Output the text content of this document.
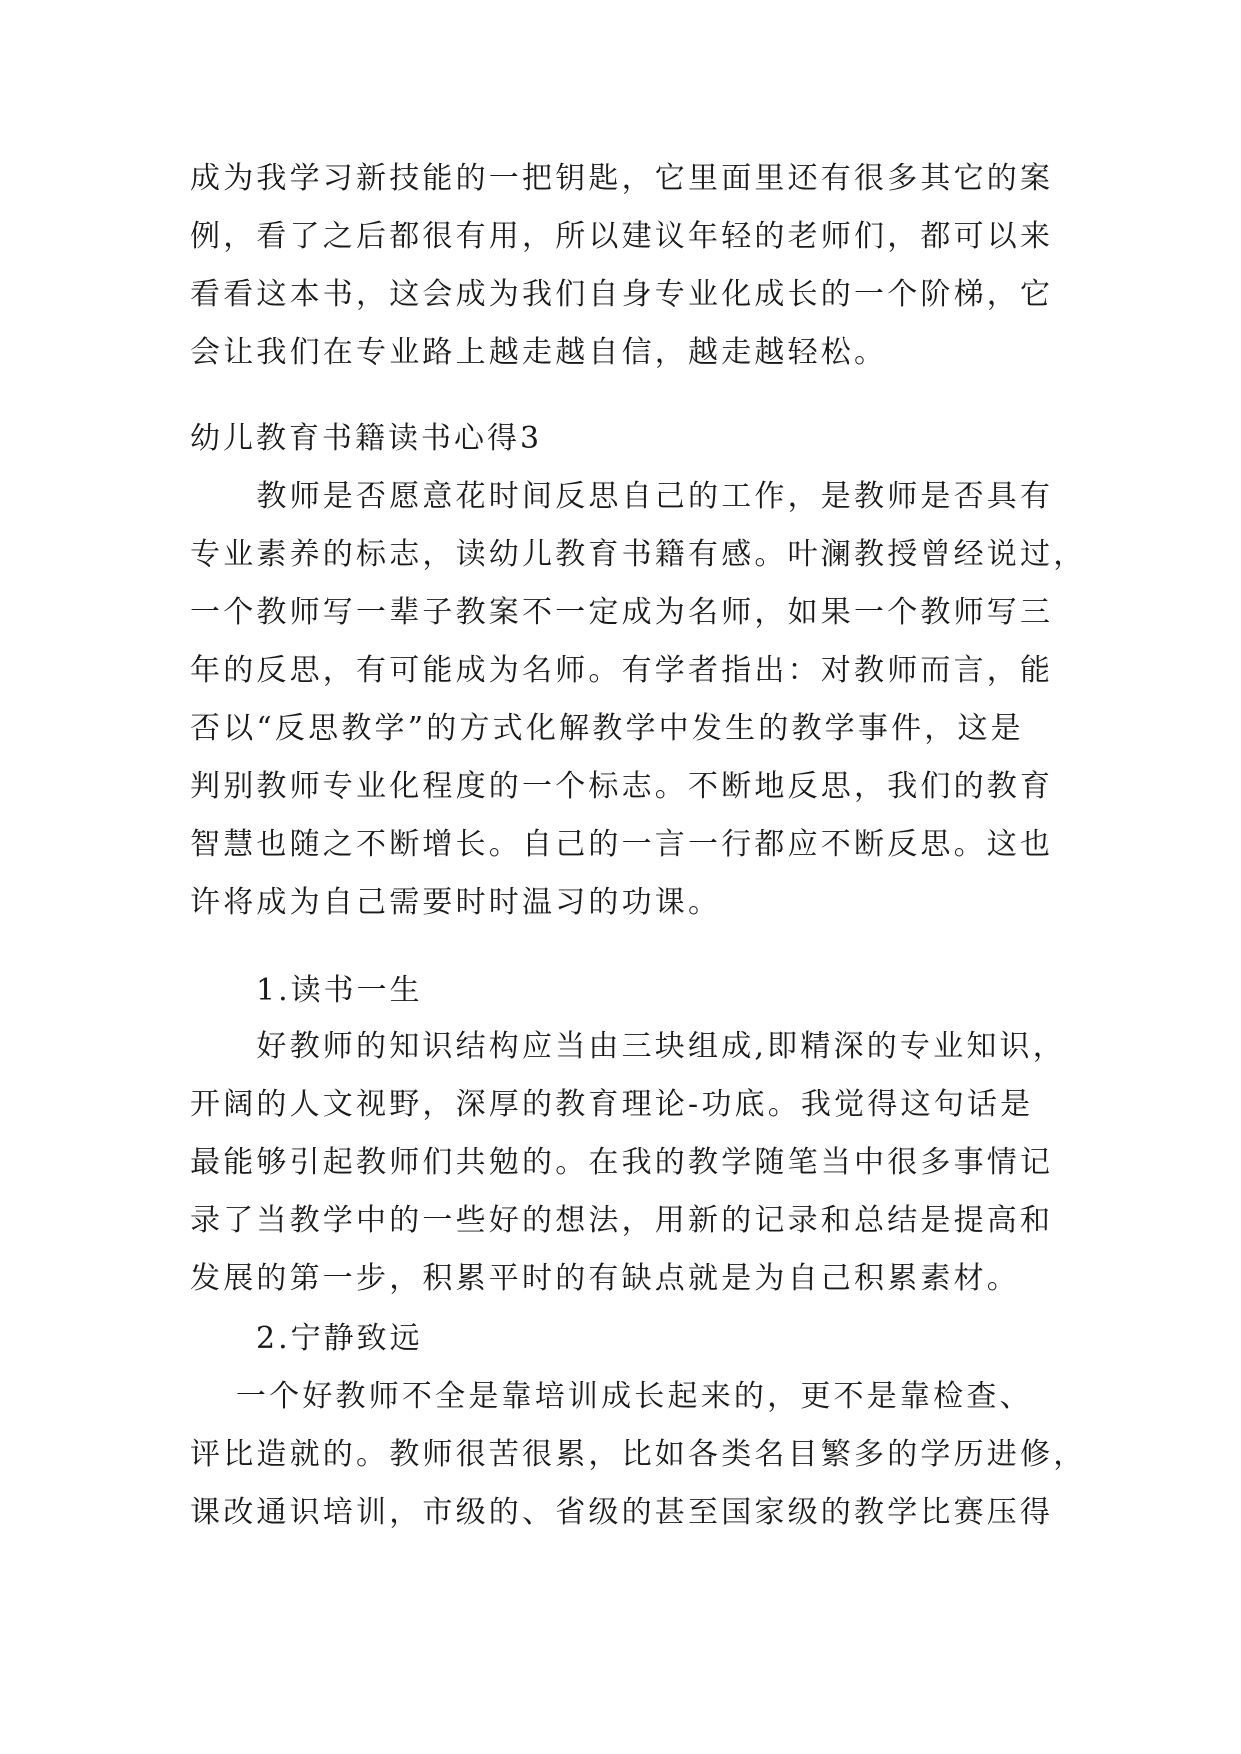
成为我学习新技能的一把钥匙，它里面里还有很多其它的案
例，看了之后都很有用，所以建议年轻的老师们，都可以来
看看这本书，这会成为我们自身专业化成长的一个阶梯，它
会让我们在专业路上越走越自信，越走越轻松。
幼儿教育书籍读书心得3
　　教师是否愿意花时间反思自己的工作，是教师是否具有
专业素养的标志，读幼儿教育书籍有感。叶澜教授曾经说过，
一个教师写一辈子教案不一定成为名师，如果一个教师写三
年的反思，有可能成为名师。有学者指出：对教师而言，能
否以“反思教学”的方式化解教学中发生的教学事件，这是
判别教师专业化程度的一个标志。不断地反思，我们的教育
智慧也随之不断增长。自己的一言一行都应不断反思。这也
许将成为自己需要时时温习的功课。
　　1.读书一生
　　好教师的知识结构应当由三块组成,即精深的专业知识，
开阔的人文视野，深厚的教育理论-功底。我觉得这句话是
最能够引起教师们共勉的。在我的教学随笔当中很多事情记
录了当教学中的一些好的想法，用新的记录和总结是提高和
发展的第一步，积累平时的有缺点就是为自己积累素材。
　　2.宁静致远
　 一个好教师不全是靠培训成长起来的，更不是靠检查、
评比造就的。教师很苦很累，比如各类名目繁多的学历进修，
课改通识培训，市级的、省级的甚至国家级的教学比赛压得
